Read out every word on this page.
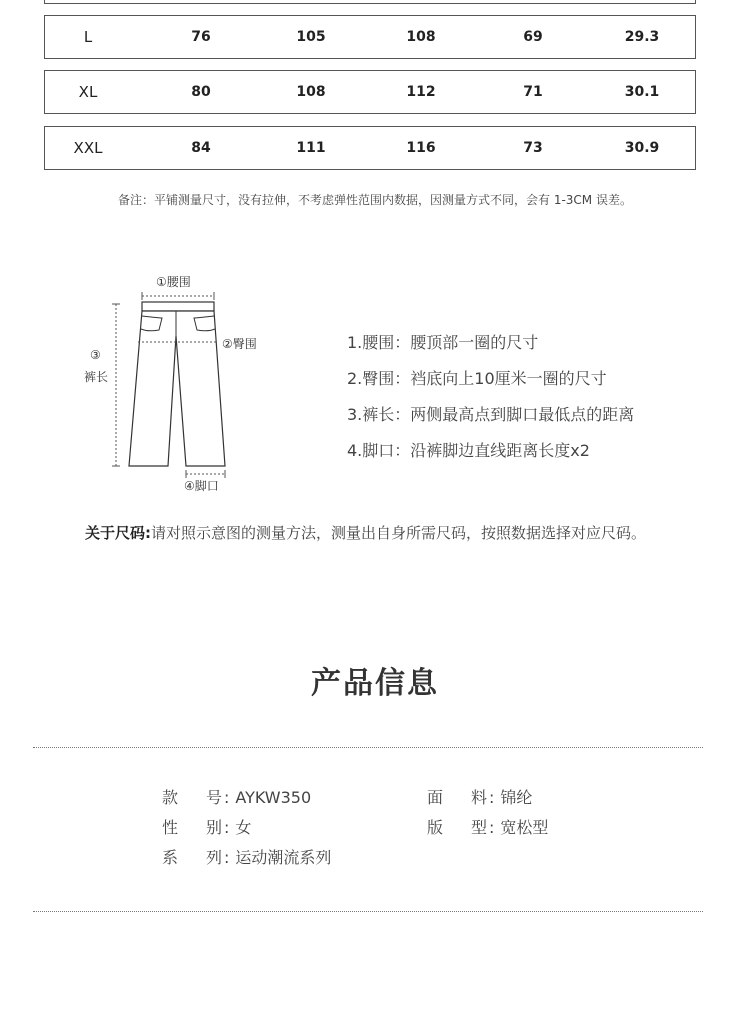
L	76	105	108	69	29.3
XL	80	108	112	71	30.1
XXL	84	111	116	73	30.9
备注：平铺测量尺寸，没有拉伸，不考虑弹性范围内数据，因测量方式不同，会有 1-3CM 误差。
①腰围
②臀围
③
裤长
④脚口
1.腰围：腰顶部一圈的尺寸
2.臀围：裆底向上10厘米一圈的尺寸
3.裤长：两侧最高点到脚口最低点的距离
4.脚口：沿裤脚边直线距离长度x2
关于尺码:请对照示意图的测量方法，测量出自身所需尺码，按照数据选择对应尺码。
产品信息
款号 : AYKW350	面料 : 锦纶
性别 : 女	版型 : 宽松型
系列 : 运动潮流系列
